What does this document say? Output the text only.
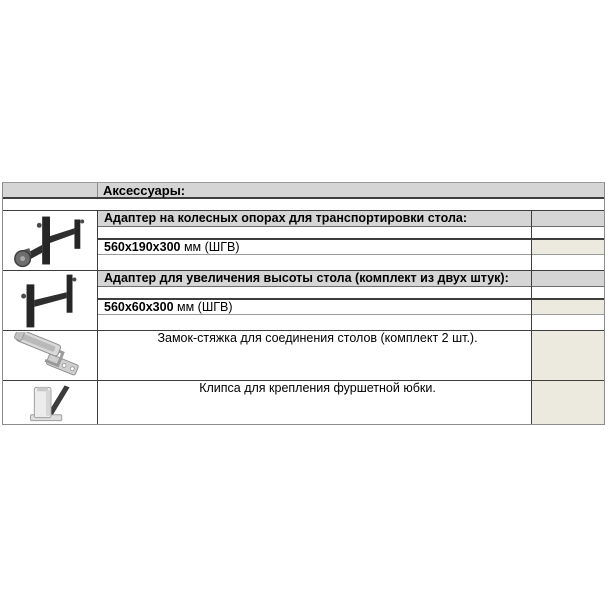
Аксессуары:
Адаптер на колесных опорах для транспортировки стола:
560x190x300 мм (ШГВ)
Адаптер для увеличения высоты стола (комплект из двух штук):
560x60x300 мм (ШГВ)
Замок-стяжка для соединения столов (комплект 2 шт.).
Клипса для крепления фуршетной юбки.
